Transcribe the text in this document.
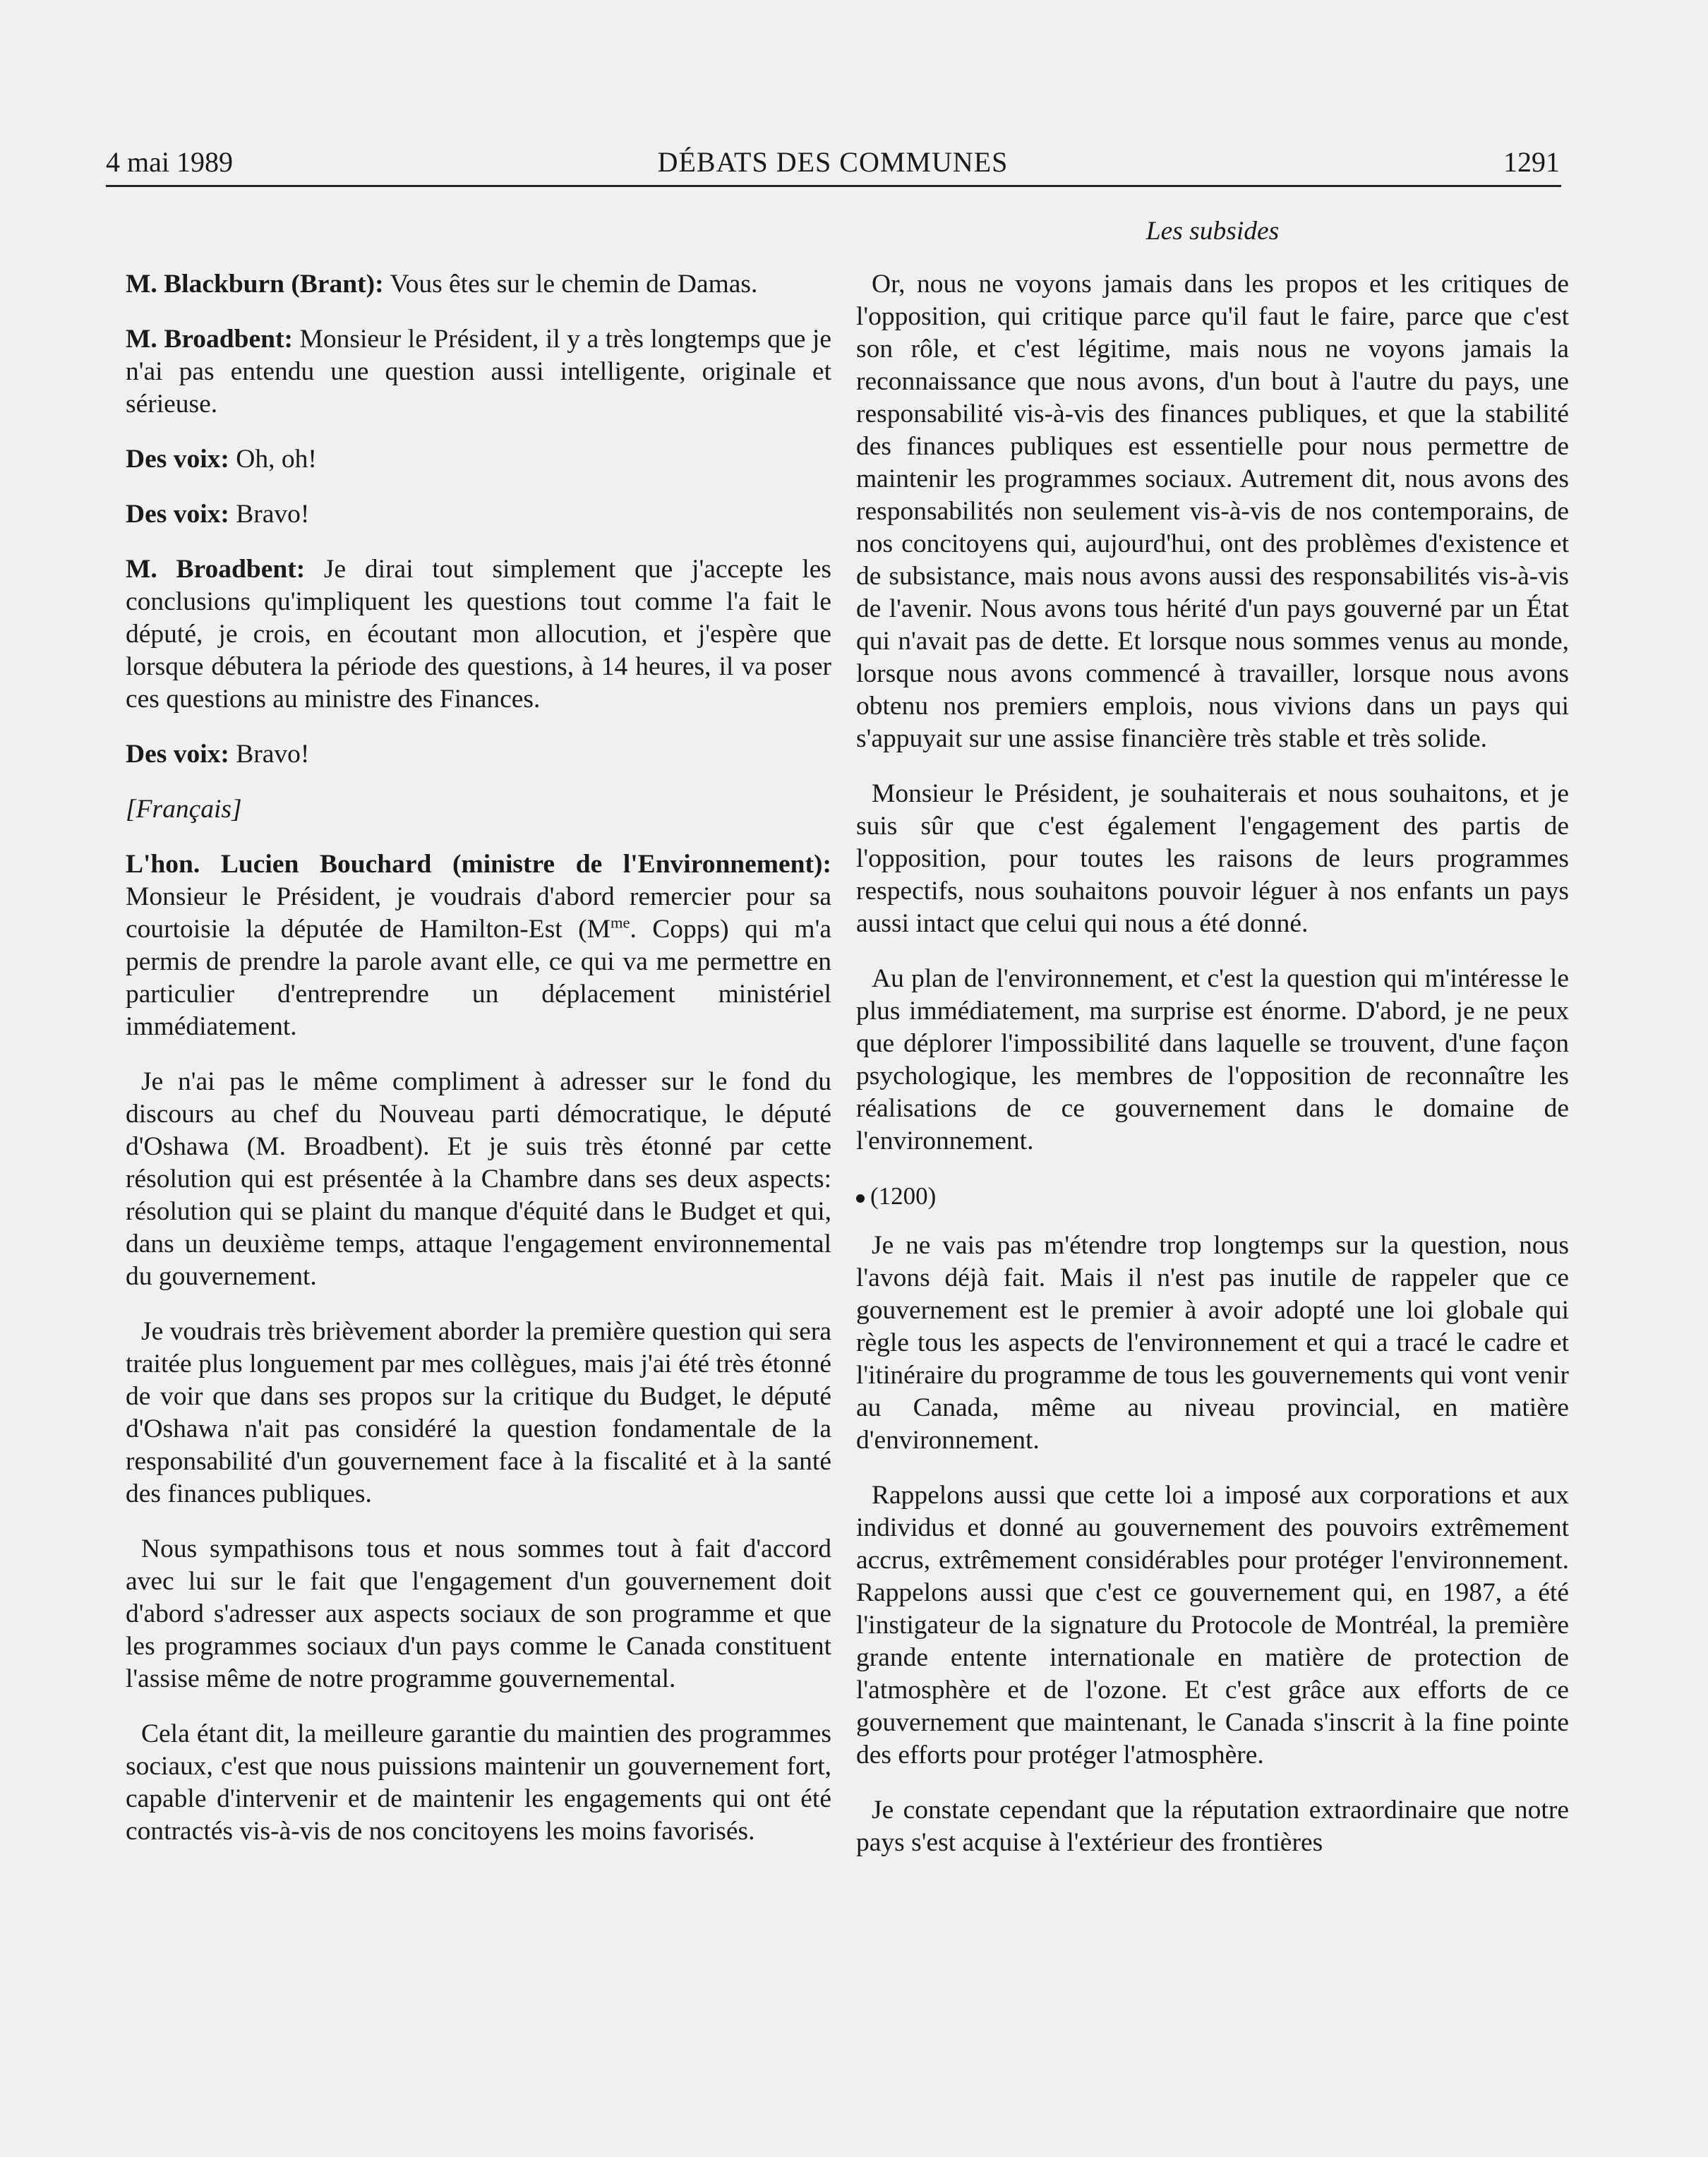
4 mai 1989	DÉBATS DES COMMUNES	1291
Les subsides

M. Blackburn (Brant): Vous êtes sur le chemin de Damas.

M. Broadbent: Monsieur le Président, il y a très longtemps que je n'ai pas entendu une question aussi intelligente, originale et sérieuse.

Des voix: Oh, oh!

Des voix: Bravo!

M. Broadbent: Je dirai tout simplement que j'accepte les conclusions qu'impliquent les questions tout comme l'a fait le député, je crois, en écoutant mon allocution, et j'espère que lorsque débutera la période des questions, à 14 heures, il va poser ces questions au ministre des Finances.

Des voix: Bravo!

[Français]

L'hon. Lucien Bouchard (ministre de l'Environnement): Monsieur le Président, je voudrais d'abord remercier pour sa courtoisie la députée de Hamilton-Est ($M^{me}$. Copps) qui m'a permis de prendre la parole avant elle, ce qui va me permettre en particulier d'entreprendre un déplacement ministériel immédiatement.

Je n'ai pas le même compliment à adresser sur le fond du discours au chef du Nouveau parti démocratique, le député d'Oshawa (M. Broadbent). Et je suis très étonné par cette résolution qui est présentée à la Chambre dans ses deux aspects: résolution qui se plaint du manque d'équité dans le Budget et qui, dans un deuxième temps, attaque l'engagement environnemental du gouvernement.

Je voudrais très brièvement aborder la première question qui sera traitée plus longuement par mes collègues, mais j'ai été très étonné de voir que dans ses propos sur la critique du Budget, le député d'Oshawa n'ait pas considéré la question fondamentale de la responsabilité d'un gouvernement face à la fiscalité et à la santé des finances publiques.

Nous sympathisons tous et nous sommes tout à fait d'accord avec lui sur le fait que l'engagement d'un gouvernement doit d'abord s'adresser aux aspects sociaux de son programme et que les programmes sociaux d'un pays comme le Canada constituent l'assise même de notre programme gouvernemental.

Cela étant dit, la meilleure garantie du maintien des programmes sociaux, c'est que nous puissions maintenir un gouvernement fort, capable d'intervenir et de maintenir les engagements qui ont été contractés vis-à-vis de nos concitoyens les moins favorisés.

Or, nous ne voyons jamais dans les propos et les critiques de l'opposition, qui critique parce qu'il faut le faire, parce que c'est son rôle, et c'est légitime, mais nous ne voyons jamais la reconnaissance que nous avons, d'un bout à l'autre du pays, une responsabilité vis-à-vis des finances publiques, et que la stabilité des finances publiques est essentielle pour nous permettre de maintenir les programmes sociaux. Autrement dit, nous avons des responsabilités non seulement vis-à-vis de nos contemporains, de nos concitoyens qui, aujourd'hui, ont des problèmes d'existence et de subsistance, mais nous avons aussi des responsabilités vis-à-vis de l'avenir. Nous avons tous hérité d'un pays gouverné par un État qui n'avait pas de dette. Et lorsque nous sommes venus au monde, lorsque nous avons commencé à travailler, lorsque nous avons obtenu nos premiers emplois, nous vivions dans un pays qui s'appuyait sur une assise financière très stable et très solide.

Monsieur le Président, je souhaiterais et nous souhaitons, et je suis sûr que c'est également l'engagement des partis de l'opposition, pour toutes les raisons de leurs programmes respectifs, nous souhaitons pouvoir léguer à nos enfants un pays aussi intact que celui qui nous a été donné.

Au plan de l'environnement, et c'est la question qui m'intéresse le plus immédiatement, ma surprise est énorme. D'abord, je ne peux que déplorer l'impossibilité dans laquelle se trouvent, d'une façon psychologique, les membres de l'opposition de reconnaître les réalisations de ce gouvernement dans le domaine de l'environnement.

(1200)

Je ne vais pas m'étendre trop longtemps sur la question, nous l'avons déjà fait. Mais il n'est pas inutile de rappeler que ce gouvernement est le premier à avoir adopté une loi globale qui règle tous les aspects de l'environnement et qui a tracé le cadre et l'itinéraire du programme de tous les gouvernements qui vont venir au Canada, même au niveau provincial, en matière d'environnement.

Rappelons aussi que cette loi a imposé aux corporations et aux individus et donné au gouvernement des pouvoirs extrêmement accrus, extrêmement considérables pour protéger l'environnement. Rappelons aussi que c'est ce gouvernement qui, en 1987, a été l'instigateur de la signature du Protocole de Montréal, la première grande entente internationale en matière de protection de l'atmosphère et de l'ozone. Et c'est grâce aux efforts de ce gouvernement que maintenant, le Canada s'inscrit à la fine pointe des efforts pour protéger l'atmosphère.

Je constate cependant que la réputation extraordinaire que notre pays s'est acquise à l'extérieur des frontières
